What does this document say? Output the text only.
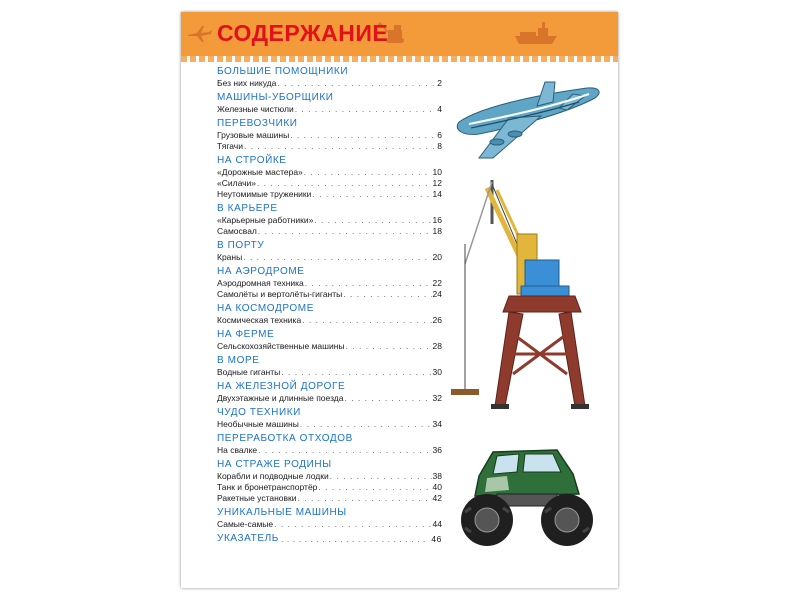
СОДЕРЖАНИЕ
БОЛЬШИЕ ПОМОЩНИКИ
Без них никуда . . .	2
МАШИНЫ-УБОРЩИКИ
Железные чистюли . . .	4
ПЕРЕВОЗЧИКИ
Грузовые машины . . .	6
Тягачи . . .	8
НА СТРОЙКЕ
«Дорожные мастера» . . .	10
«Силачи» . . .	12
Неутомимые труженики . . .	14
В КАРЬЕРЕ
«Карьерные работники» . . .	16
Самосвал . . .	18
В ПОРТУ
Краны . . .	20
НА АЭРОДРОМЕ
Аэродромная техника . . .	22
Самолёты и вертолёты-гиганты . . .	24
НА КОСМОДРОМЕ
Космическая техника . . .	26
НА ФЕРМЕ
Сельскохозяйственные машины . . .	28
В МОРЕ
Водные гиганты . . .	30
НА ЖЕЛЕЗНОЙ ДОРОГЕ
Двухэтажные и длинные поезда . . .	32
ЧУДО ТЕХНИКИ
Необычные машины . . .	34
ПЕРЕРАБОТКА ОТХОДОВ
На свалке . . .	36
НА СТРАЖЕ РОДИНЫ
Корабли и подводные лодки . . .	38
Танк и бронетранспортёр . . .	40
Ракетные установки . . .	42
УНИКАЛЬНЫЕ МАШИНЫ
Самые-самые . . .	44
УКАЗАТЕЛЬ . . .	46
